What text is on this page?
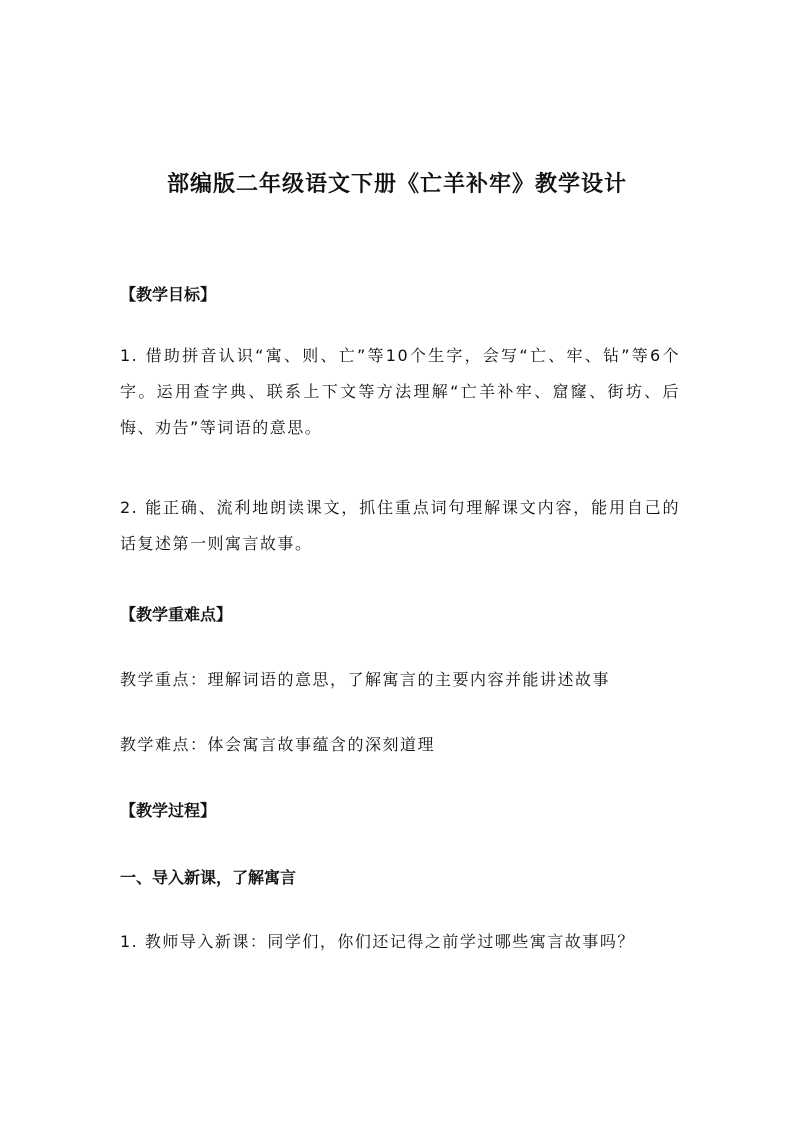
部编版二年级语文下册《亡羊补牢》教学设计
【教学目标】
1. 借助拼音认识“寓、则、亡”等10个生字，会写“亡、牢、钻”等6个字。运用查字典、联系上下文等方法理解“亡羊补牢、窟窿、街坊、后悔、劝告”等词语的意思。
2. 能正确、流利地朗读课文，抓住重点词句理解课文内容，能用自己的话复述第一则寓言故事。
【教学重难点】
教学重点：理解词语的意思，了解寓言的主要内容并能讲述故事
教学难点：体会寓言故事蕴含的深刻道理
【教学过程】
一、导入新课，了解寓言
1. 教师导入新课：同学们，你们还记得之前学过哪些寓言故事吗？
